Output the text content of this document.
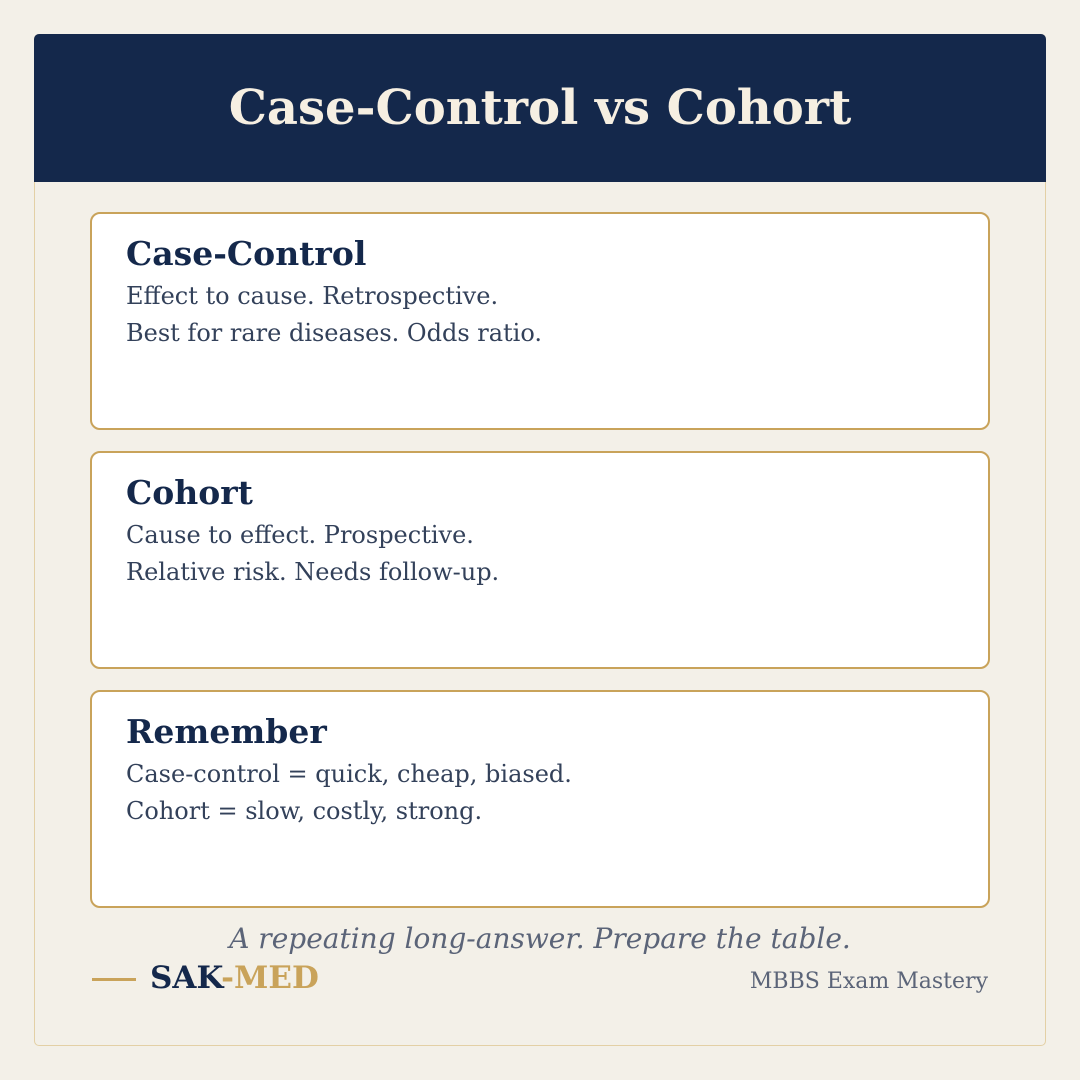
Case-Control vs Cohort
Case-Control
Effect to cause. Retrospective.
Best for rare diseases. Odds ratio.
Cohort
Cause to effect. Prospective.
Relative risk. Needs follow-up.
Remember
Case-control = quick, cheap, biased.
Cohort = slow, costly, strong.
A repeating long-answer. Prepare the table.
SAK-MED	MBBS Exam Mastery
